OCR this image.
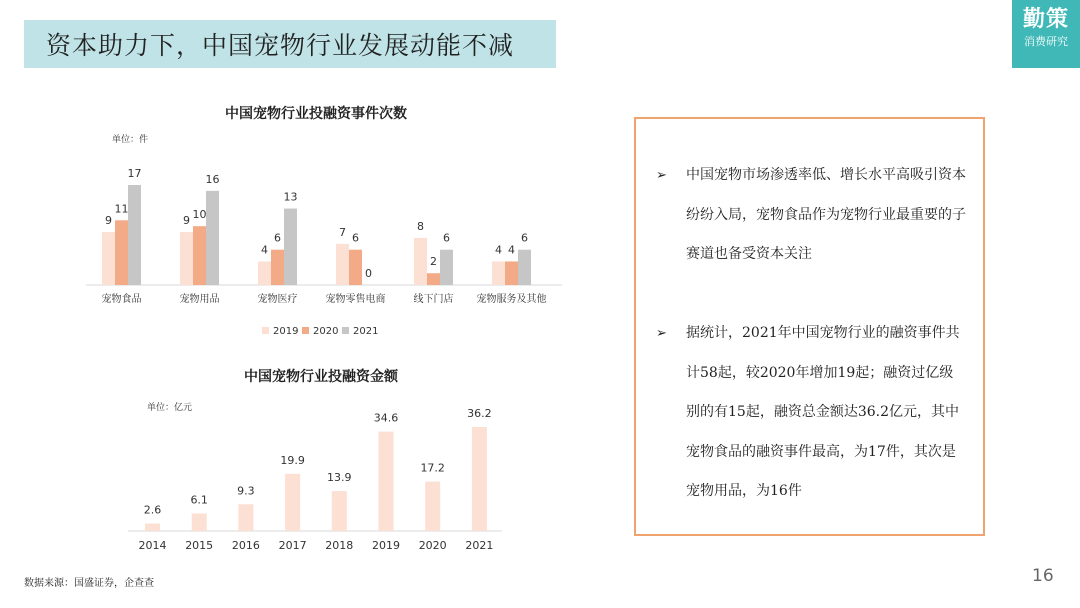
资本助力下，中国宠物行业发展动能不减
勤策
消费研究
中国宠物行业投融资事件次数
单位：件
9
11
17
宠物食品
9 10
16
宠物用品
4
6
13
宠物医疗
7 6
0
宠物零售电商
8
2
6
线下门店
4 4
6
宠物服务及其他
2019 2020 2021
中国宠物行业投融资金额
单位：亿元
2.6
2014
6.1
2015
9.3
2016
19.9
2017
13.9
2018
34.6
2019
17.2
2020
36.2
2021
➢	中国宠物市场渗透率低、增长水平高吸引资本纷纷入局，宠物食品作为宠物行业最重要的子赛道也备受资本关注
➢	据统计，2021年中国宠物行业的融资事件共计58起，较2020年增加19起；融资过亿级别的有15起，融资总金额达36.2亿元，其中宠物食品的融资事件最高，为17件，其次是宠物用品，为16件
数据来源：国盛证券，企查查	16
